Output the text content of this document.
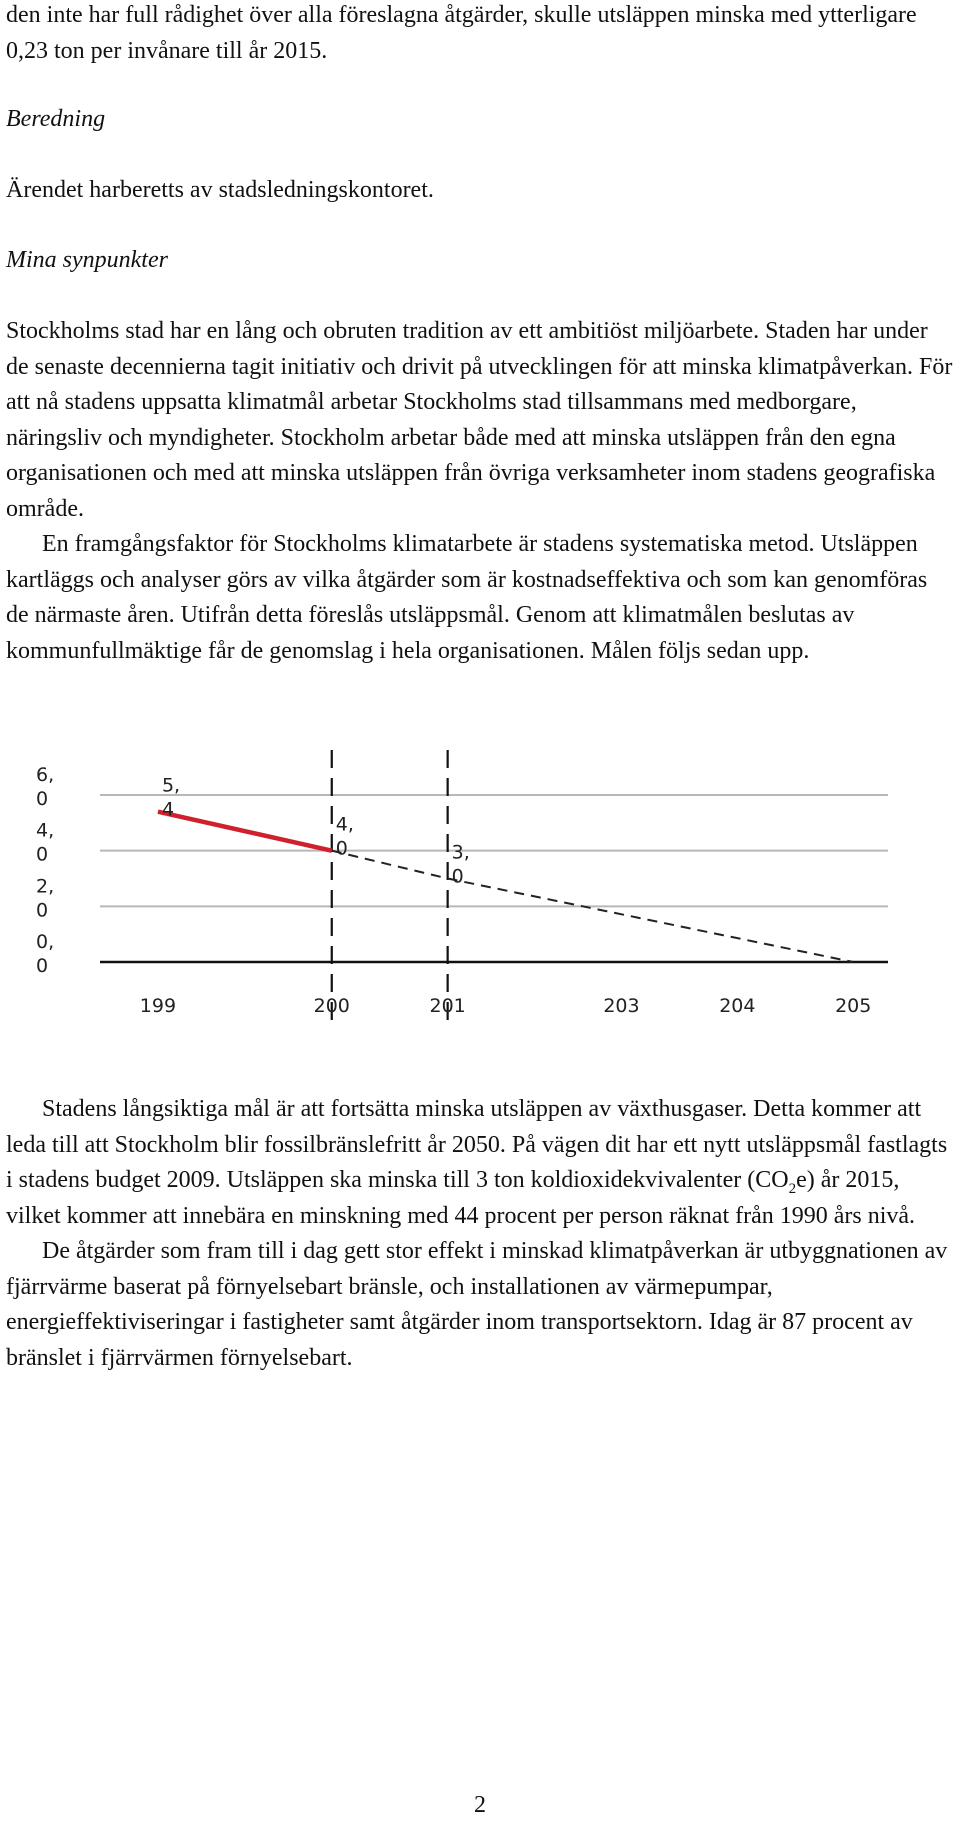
den inte har full rådighet över alla föreslagna åtgärder, skulle utsläppen minska med ytterligare 0,23 ton per invånare till år 2015.

Beredning
Ärendet harberetts av stadsledningskontoret.
Mina synpunkter

Stockholms stad har en lång och obruten tradition av ett ambitiöst miljöarbete. Staden har under de senaste decennierna tagit initiativ och drivit på utvecklingen för att minska klimatpåverkan. För att nå stadens uppsatta klimatmål arbetar Stockholms stad tillsammans med medborgare, näringsliv och myndigheter. Stockholm arbetar både med att minska utsläppen från den egna organisationen och med att minska utsläppen från övriga verksamheter inom stadens geografiska område.

En framgångsfaktor för Stockholms klimatarbete är stadens systematiska metod. Utsläppen kartläggs och analyser görs av vilka åtgärder som är kostnadseffektiva och som kan genomföras de närmaste åren. Utifrån detta föreslås utsläppsmål. Genom att klimatmålen beslutas av kommunfullmäktige får de genomslag i hela organisationen. Målen följs sedan upp.

6,
0
4,
0
2,
0
0,
0
199	200	201	203	204	205
5,
4
4,
0	3,
0

Stadens långsiktiga mål är att fortsätta minska utsläppen av växthusgaser. Detta kommer att leda till att Stockholm blir fossilbränslefritt år 2050. På vägen dit har ett nytt utsläppsmål fastlagts i stadens budget 2009. Utsläppen ska minska till 3 ton koldioxidekvivalenter $(CO_2e)$ år 2015, vilket kommer att innebära en minskning med 44 procent per person räknat från 1990 års nivå.

De åtgärder som fram till i dag gett stor effekt i minskad klimatpåverkan är utbyggnationen av fjärrvärme baserat på förnyelsebart bränsle, och installationen av värmepumpar, energieffektiviseringar i fastigheter samt åtgärder inom transportsektorn. Idag är 87 procent av bränslet i fjärrvärmen förnyelsebart.

2
